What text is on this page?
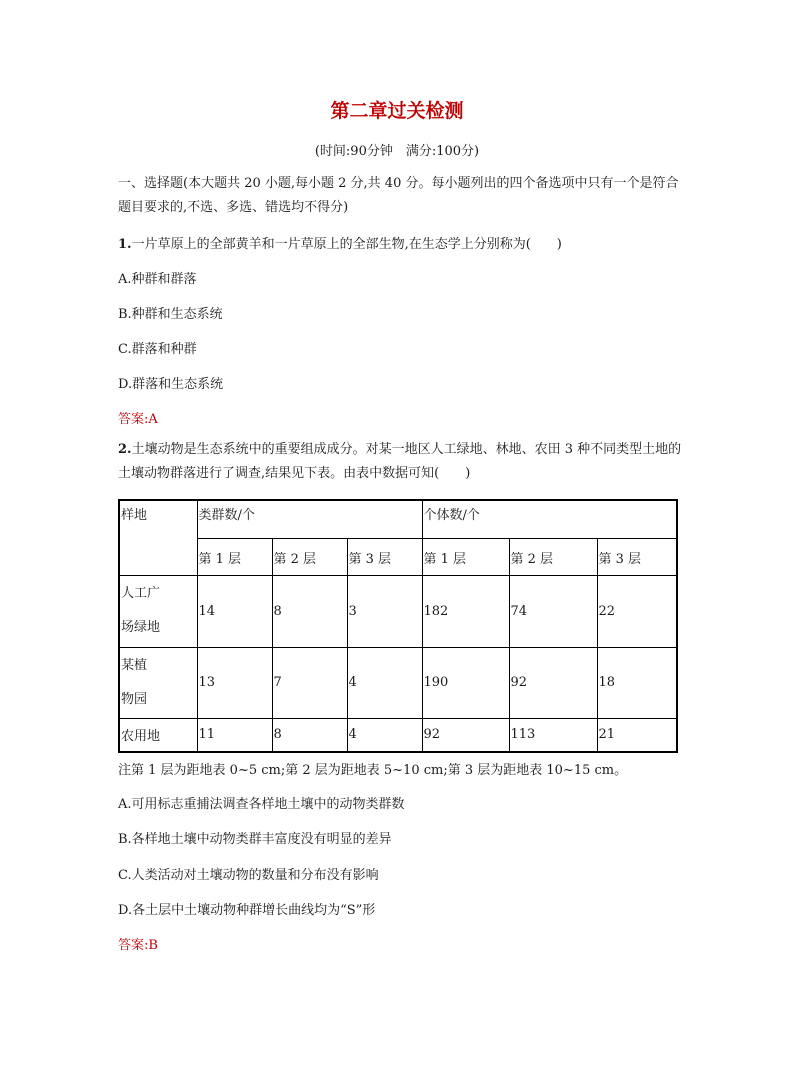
第二章过关检测
(时间:90分钟　满分:100分)
一、选择题(本大题共 20 小题,每小题 2 分,共 40 分。每小题列出的四个备选项中只有一个是符合题目要求的,不选、多选、错选均不得分)
1.一片草原上的全部黄羊和一片草原上的全部生物,在生态学上分别称为(　　)
A.种群和群落
B.种群和生态系统
C.群落和种群
D.群落和生态系统
答案:A
2.土壤动物是生态系统中的重要组成成分。对某一地区人工绿地、林地、农田 3 种不同类型土地的土壤动物群落进行了调查,结果见下表。由表中数据可知(　　)
样地	类群数/个			个体数/个		
	第 1 层	第 2 层	第 3 层	第 1 层	第 2 层	第 3 层
人工广
场绿地	14	8	3	182	74	22
某植
物园	13	7	4	190	92	18
农用地	11	8	4	92	113	21
注第 1 层为距地表 0~5 cm;第 2 层为距地表 5~10 cm;第 3 层为距地表 10~15 cm。
A.可用标志重捕法调查各样地土壤中的动物类群数
B.各样地土壤中动物类群丰富度没有明显的差异
C.人类活动对土壤动物的数量和分布没有影响
D.各土层中土壤动物种群增长曲线均为“S”形
答案:B
